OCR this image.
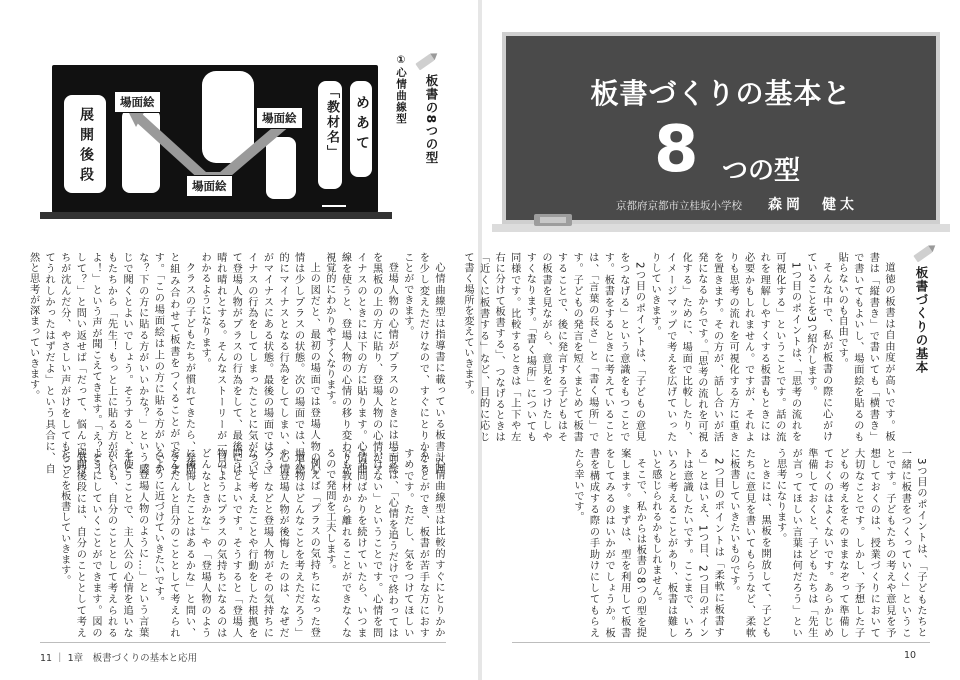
展開後段
場面絵
場面絵
場面絵	「教材名」 めあて	板書の8つの型
①心情曲線型

心情曲線型は指導書に載っている板書計画を少し変えただけなので、すぐにとりかかることができます。

登場人物の心情がプラスのときには場面絵を黒板の上の方に貼り、登場人物の心情がマイナスのときには下の方に貼ります。心情曲線を使うと、登場人物の心情の移り変わりが視覚的にわかりやすくなります。

上の図だと、最初の場面では登場人物の心情は少しプラスの状態。次の場面では、道徳的にマイナスとなる行為をしてしまい、心情がマイナスにある状態。最後の場面では、マイナスの行為をしてしまったことに気がついて登場人物がプラスの行為をして、最後には晴れ晴れとする。そんなストーリーが一目でわかるようになります。

クラスの子どもたちが慣れてきたら、発問と組み合わせて板書をつくることができます。「この場面絵は上の方に貼る方がいいかな？下の方に貼る方がいいかな？」という感じで聞くとよいでしょう。そうすると、子どもたちから「先生！もっと上に貼る方がいいよ！」という声が聞こえてきます。「え？どうして？」と問い返せば「だって、悩んで気持ちが沈んだ分、やさしい声がけをしてもらってうれしかったはずだよ」という具合に、自然と思考が深まっていきます。

心情曲線型は比較的すぐにとりかかることができ、板書が苦手な方におすすめです。ただし、気をつけてほしいことは、「心情を追うだけで終わってはいけない」ということです。心情を問う発問ばかりを続けていたら、いつまでも教材から離れることができなくなるので発問を工夫します。

例えば「プラスの気持ちになった登場人物はどんなことを考えただろう」や「登場人物が後悔したのは、なぜだろう」などと登場人物がその気持ちになって考えたことや行動をした根拠を問うとよいです。そうすると「登場人物のようにプラスの気持ちになるのはどんなときかな」や「登場人物のように後悔したことはあるかな」と問い、だんだんと自分のこととして考えられるように近づけていきたいです。

「登場人物のように…」という言葉を使うことで、主人公の心情を追いながらも、自分のこととして考えられるようにしていくことができます。図の展開後段には、自分のこととして考えたことを板書していきます。

11 ｜ 1章　板書づくりの基本と応用
板書づくりの基本と
8 つの型
京都府京都市立桂坂小学校 森岡　健太
板書づくりの基本

道徳の板書は自由度が高いです。板書は「縦書き」で書いても「横書き」で書いてもよいし、場面絵を貼るのも貼らないのも自由です。

そんな中で、私が板書の際に心がけていることを3つ紹介します。

1つ目のポイントは、「思考の流れを可視化する」ということです。話の流れを理解しやすくする板書もときには必要かもしれません。ですが、それよりも思考の流れを可視化する方に重きを置きます。その方が、話し合いが活発になるからです。「思考の流れを可視化する」ために、場面で比較したり、イメージマップで考えを広げていったりしていきます。

2つ目のポイントは、「子どもの意見をつなげる」という意識をもつことです。板書をするときに考えていることは、「言葉の長さ」と「書く場所」です。子どもの発言を短くまとめて板書することで、後に発言する子どもはその板書を見ながら、意見をつけたしやすくなります。「書く場所」についても同様です。比較するときは「上下や左右に分けて板書する」、つなげるときは「近くに板書する」など、目的に応じて書く場所を変えていきます。

3つ目のポイントは、「子どもたちと一緒に板書をつくっていく」ということです。子どもたちの考えや意見を予想しておくのは、授業づくりにおいて大切なことです。しかし、予想した子どもの考えをそのままなぞって準備しておくのはよくないです。あらかじめ準備しておくと、子どもたちは「先生が言ってほしい言葉は何だろう」という思考になります。

ときには、黒板を開放して、子どもたちに意見を書いてもらうなど、柔軟に板書していきたいものです。

2つ目のポイントは「柔軟に板書する」とはいえ、1つ目、2つ目のポイントは意識したいです。ここまで、いろいろと考えることがあり、板書は難しいと感じられるかもしれません。

そこで、私からは板書の8つの型を提案します。まずは、型を利用して板書をしてみるのはいかがでしょうか。板書を構成する際の手助けにしてもらえたら幸いです。

10
